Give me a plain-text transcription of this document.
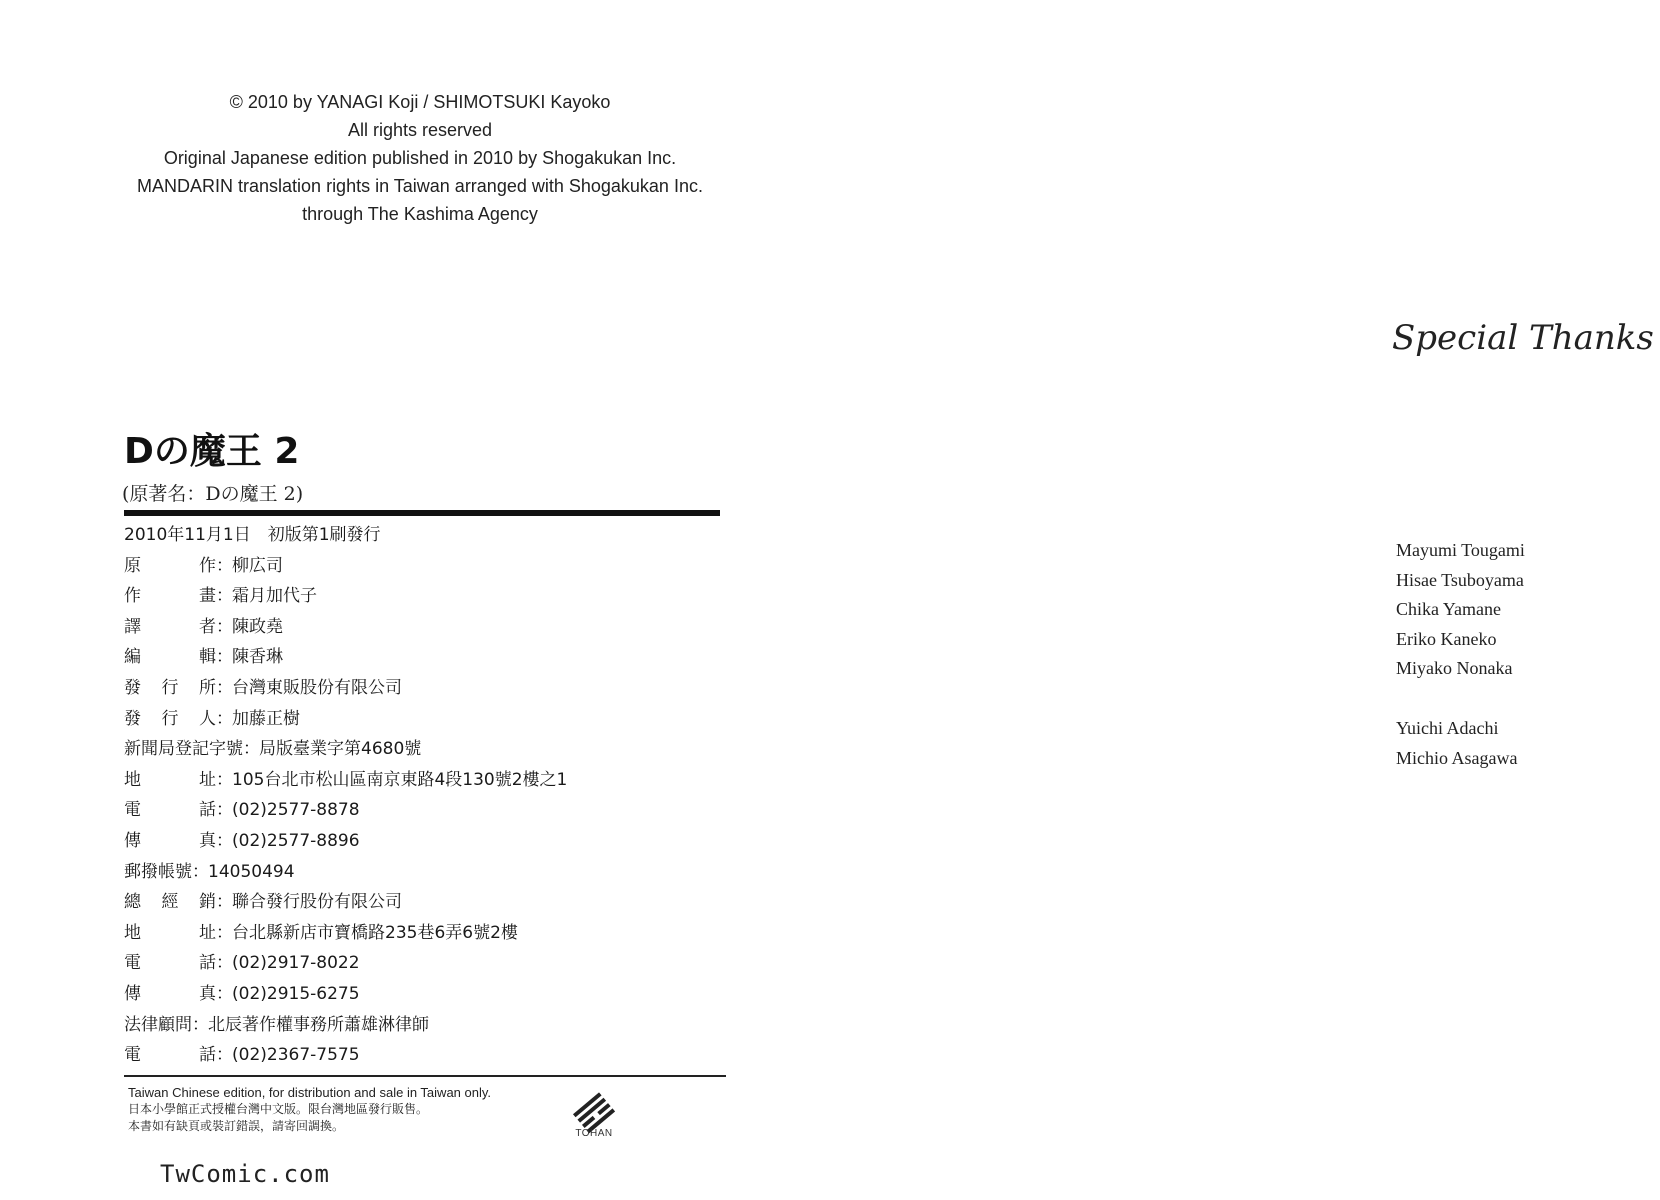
© 2010 by YANAGI Koji / SHIMOTSUKI Kayoko
All rights reserved
Original Japanese edition published in 2010 by Shogakukan Inc.
MANDARIN translation rights in Taiwan arranged with Shogakukan Inc.
through The Kashima Agency
Special Thanks
Mayumi Tougami
Hisae Tsuboyama
Chika Yamane
Eriko Kaneko
Miyako Nonaka
Yuichi Adachi
Michio Asagawa
Dの魔王 2
(原著名：Dの魔王 2)
2010年11月1日　初版第1刷發行
原	作 ： 柳広司
作	畫 ： 霜月加代子
譯	者 ： 陳政堯
編	輯 ： 陳香琳
發 行 所 ： 台灣東販股份有限公司
發 行 人 ： 加藤正樹
新聞局登記字號 ： 局版臺業字第4680號
地	址 ： 105台北市松山區南京東路4段130號2樓之1
電	話 ： (02)2577-8878
傳	真 ： (02)2577-8896
郵撥帳號 ： 14050494
總 經 銷 ： 聯合發行股份有限公司
地	址 ： 台北縣新店市寶橋路235巷6弄6號2樓
電	話 ： (02)2917-8022
傳	真 ： (02)2915-6275
法律顧問 ： 北辰著作權事務所蕭雄淋律師
電	話 ： (02)2367-7575
Taiwan Chinese edition, for distribution and sale in Taiwan only.
日本小學館正式授權台灣中文版。限台灣地區發行販售。
本書如有缺頁或裝訂錯誤，請寄回調換。
TOHAN
TwComic.com
